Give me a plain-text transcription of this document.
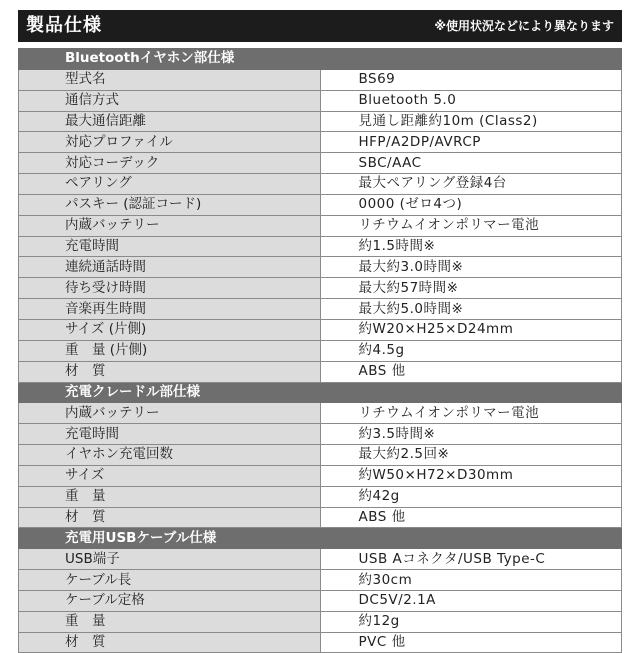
製品仕様	※使用状況などにより異なります
Bluetoothイヤホン部仕様	
型式名	BS69
通信方式	Bluetooth 5.0
最大通信距離	見通し距離約10m (Class2)
対応プロファイル	HFP/A2DP/AVRCP
対応コーデック	SBC/AAC
ペアリング	最大ペアリング登録4台
パスキー (認証コード)	0000 (ゼロ4つ)
内蔵バッテリー	リチウムイオンポリマー電池
充電時間	約1.5時間※
連続通話時間	最大約3.0時間※
待ち受け時間	最大約57時間※
音楽再生時間	最大約5.0時間※
サイズ (片側)	約W20×H25×D24mm
重　量 (片側)	約4.5g
材　質	ABS 他
充電クレードル部仕様	
内蔵バッテリー	リチウムイオンポリマー電池
充電時間	約3.5時間※
イヤホン充電回数	最大約2.5回※
サイズ	約W50×H72×D30mm
重　量	約42g
材　質	ABS 他
充電用USBケーブル仕様	
USB端子	USB Aコネクタ/USB Type-C
ケーブル長	約30cm
ケーブル定格	DC5V/2.1A
重　量	約12g
材　質	PVC 他
